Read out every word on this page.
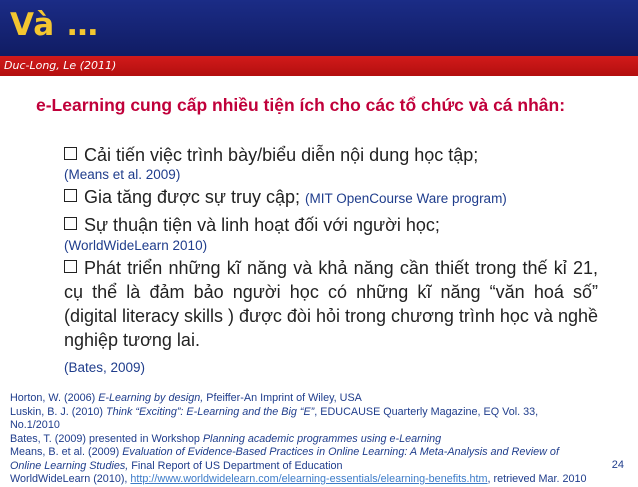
Và …
Duc-Long, Le (2011)
e-Learning cung cấp nhiều tiện ích cho các tổ chức và cá nhân:
Cải tiến việc trình bày/biểu diễn nội dung học tập;
(Means et al. 2009)
Gia tăng được sự truy cập; (MIT OpenCourse Ware program)
Sự thuận tiện và linh hoạt đối với người học;
(WorldWideLearn 2010)
Phát triển những kĩ năng và khả năng cần thiết trong thế kỉ 21, cụ thể là đảm bảo người học có những kĩ năng “văn hoá số” (digital literacy skills ) được đòi hỏi trong chương trình học và nghề nghiệp tương lai.
(Bates, 2009)
Horton, W. (2006) E-Learning by design, Pfeiffer-An Imprint of Wiley, USA
Luskin, B. J. (2010) Think “Exciting”: E-Learning and the Big “E”, EDUCAUSE Quarterly Magazine, EQ Vol. 33, No.1/2010
Bates, T. (2009) presented in Workshop Planning academic programmes using e-Learning
Means, B. et al. (2009) Evaluation of Evidence-Based Practices in Online Learning: A Meta-Analysis and Review of Online Learning Studies, Final Report of US Department of Education
WorldWideLearn (2010), http://www.worldwidelearn.com/elearning-essentials/elearning-benefits.htm, retrieved Mar. 2010
24
